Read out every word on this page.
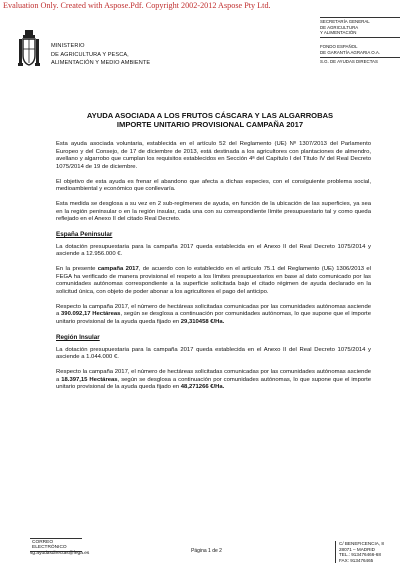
Evaluation Only. Created with Aspose.Pdf. Copyright 2002-2012 Aspose Pty Ltd.
MINISTERIO
DE AGRICULTURA Y PESCA,
ALIMENTACIÓN Y MEDIO AMBIENTE
SECRETARÍA GENERAL
DE AGRICULTURA
Y ALIMENTACIÓN
FONDO ESPAÑOL
DE GARANTÍA AGRARIA O.A.
S.G. DE AYUDAS DIRECTAS
AYUDA ASOCIADA A LOS FRUTOS CÁSCARA Y LAS ALGARROBAS
IMPORTE UNITARIO PROVISIONAL CAMPAÑA 2017

Esta ayuda asociada voluntaria, establecida en el artículo 52 del Reglamento (UE) Nº 1307/2013 del Parlamento Europeo y del Consejo, de 17 de diciembre de 2013, está destinada a los agricultores con plantaciones de almendro, avellano y algarrobo que cumplan los requisitos establecidos en Sección 4ª del Capítulo I del Título IV del Real Decreto 1075/2014 de 19 de diciembre.

El objetivo de esta ayuda es frenar el abandono que afecta a dichas especies, con el consiguiente problema social, medioambiental y económico que conllevaría.

Esta medida se desglosa a su vez en 2 sub-regímenes de ayuda, en función de la ubicación de las superficies, ya sea en la región peninsular o en la región insular, cada una con su correspondiente límite presupuestario tal y como queda reflejado en el Anexo II del citado Real Decreto.

España Peninsular

La dotación presupuestaria para la campaña 2017 queda establecida en el Anexo II del Real Decreto 1075/2014 y asciende a 12.956.000 €.

En la presente campaña 2017, de acuerdo con lo establecido en el artículo 75.1 del Reglamento (UE) 1306/2013 el FEGA ha verificado de manera provisional el respeto a los límites presupuestarios en base al dato comunicado por las comunidades autónomas correspondiente a la superficie solicitada bajo el citado régimen de ayuda declarado en la solicitud única, con objeto de poder abonar a los agricultores el pago del anticipo.

Respecto la campaña 2017, el número de hectáreas solicitadas comunicadas por las comunidades autónomas asciende a 390.092,17 Hectáreas, según se desglosa a continuación por comunidades autónomas, lo que supone que el importe unitario provisional de la ayuda queda fijado en 29,310458 €/Ha.

Región Insular

La dotación presupuestaria para la campaña 2017 queda establecida en el Anexo II del Real Decreto 1075/2014 y asciende a 1.044.000 €.

Respecto la campaña 2017, el número de hectáreas solicitadas comunicadas por las comunidades autónomas asciende a 18.397,15 Hectáreas, según se desglosa a continuación por comunidades autónomas, lo que supone que el importe unitario provisional de la ayuda queda fijado en 48,271266 €/Ha.

CORREO ELECTRÓNICO
sg.ayudasdirectas@fega.es	Página 1 de 2
C/ BENEFICENCIA, 8
28071 – MADRID
TEL.: 913476466-68
FAX: 913476465
